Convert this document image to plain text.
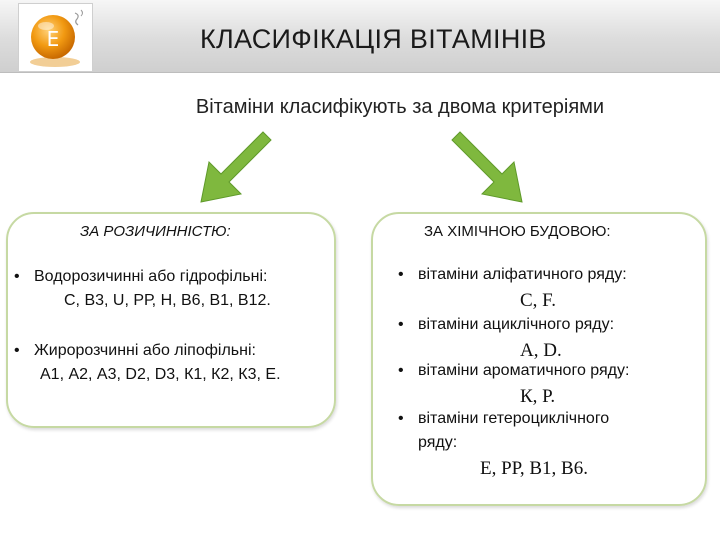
E	КЛАСИФІКАЦІЯ ВІТАМІНІВ
Вітаміни класифікують за двома критеріями
ЗА РОЗИЧИННІСТЮ:	ЗА ХІМІЧНОЮ БУДОВОЮ:
• Водорозичинні або гідрофільні:
С, В3, U, РР, Н, В6, В1, В12.
• Жиророзчинні або ліпофільні:
А1, А2, А3, D2, D3, К1, К2, К3, Е.
• вітаміни аліфатичного ряду:
С, F.
• вітаміни ациклічного ряду:
А, D.
• вітаміни ароматичного ряду:
К, Р.
• вітаміни гетероциклічного
ряду:
Е, РР, В1, В6.
